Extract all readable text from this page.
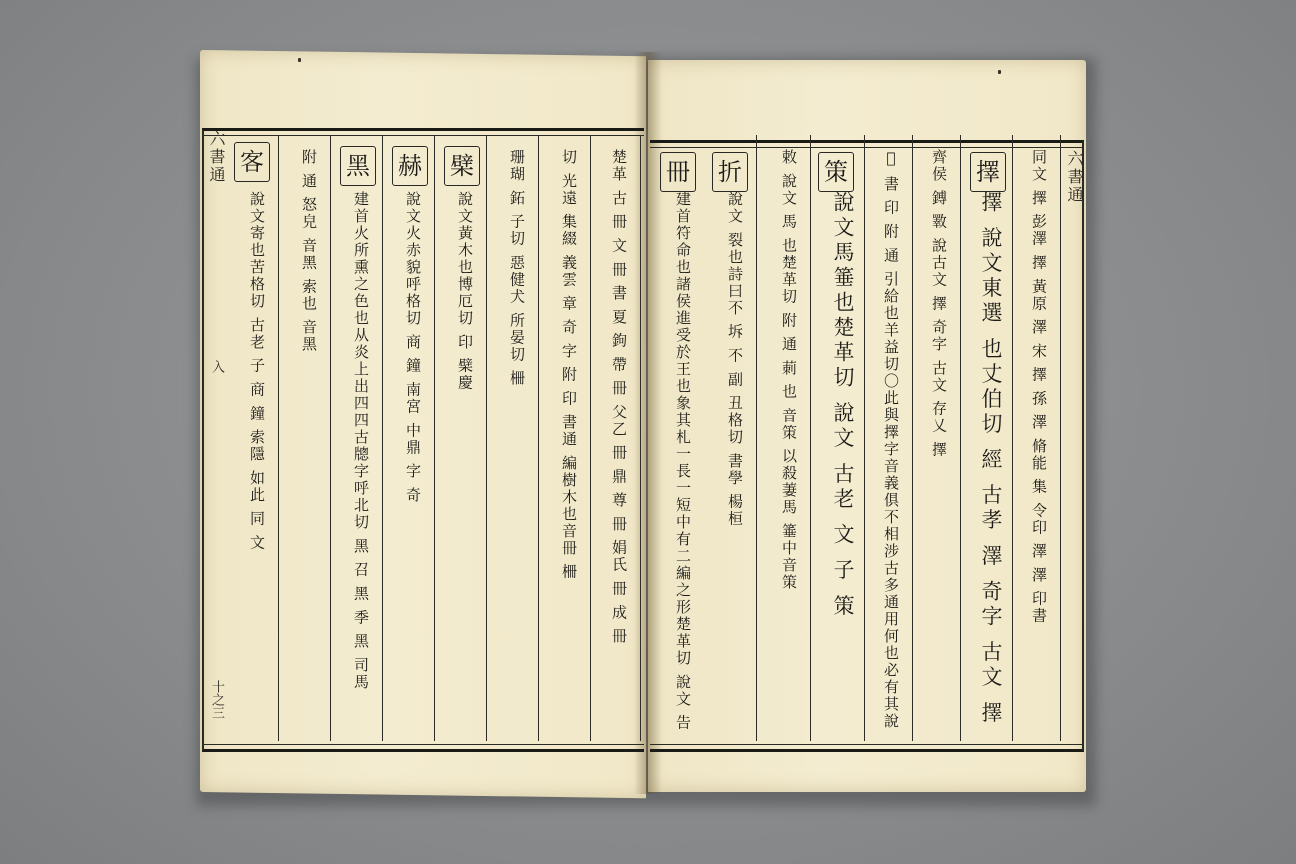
六書通	六書通
入
十之三
同文 擇 彭澤 擇 黃原 澤 宋 擇 孫 澤 脩能 集 令印 澤 澤 印書
擇
擇 說文東選 也丈伯切 經 古孝 澤 奇字 古文 擇
齊侯 鎛 斁 說古文 擇 奇字 古文 存乂 擇
𦋺 書 印 附 通 引給也羊益切〇此與擇字音義俱不相涉古多通用何也必有其說
策
說文馬箠也楚革切 說文 古老 文 子 策
敕 說文 馬 也楚革切 附 通 莿 也 音策 以殺萋馬 箠中音策
折
說文 裂也詩曰不 坼 不 副 丑格切 書學 楊桓
冊
建首符命也諸侯進受於王也象其札一長一短中有二編之形楚革切 說文 告
楚革 古 冊 文 冊 書 夏 鉤 帶 冊 父乙 冊 鼎 尊 冊 娟氏 冊 成 冊
切 光遠 集綴 義雲 章 奇 字 附 印 書通 編樹木也音冊 柵
珊瑚 鉐 子切 惡健犬 所晏切 柵
檗
說文黃木也博厄切 印 檗慶
赫
說文火赤貌呼格切 商 鐘 南宮 中鼎 字 奇
黑
建首火所熏之色也从炎上出四四古牕字呼北切 黑 召 黑 季 黑 司馬
附 通 怒皃 音黑 索也 音黑
客
說文寄也苦格切 古老 子 商 鐘 索隱 如此 同 文
